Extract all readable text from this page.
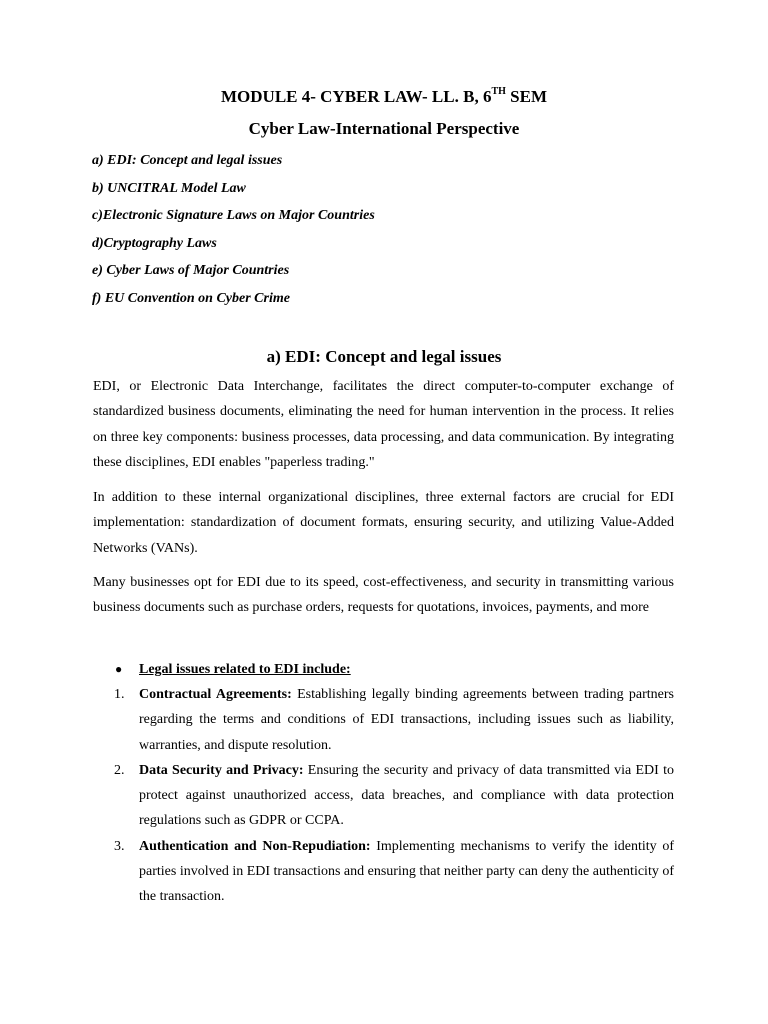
MODULE 4- CYBER LAW- LL. B, 6TH SEM
Cyber Law-International Perspective
a) EDI: Concept and legal issues
b) UNCITRAL Model Law
c)Electronic Signature Laws on Major Countries
d)Cryptography Laws
e) Cyber Laws of Major Countries
f) EU Convention on Cyber Crime
a) EDI: Concept and legal issues

EDI, or Electronic Data Interchange, facilitates the direct computer-to-computer exchange of standardized business documents, eliminating the need for human intervention in the process. It relies on three key components: business processes, data processing, and data communication. By integrating these disciplines, EDI enables "paperless trading."

In addition to these internal organizational disciplines, three external factors are crucial for EDI implementation: standardization of document formats, ensuring security, and utilizing Value-Added Networks (VANs).

Many businesses opt for EDI due to its speed, cost-effectiveness, and security in transmitting various business documents such as purchase orders, requests for quotations, invoices, payments, and more

● Legal issues related to EDI include:
1. Contractual Agreements: Establishing legally binding agreements between trading partners regarding the terms and conditions of EDI transactions, including issues such as liability, warranties, and dispute resolution.
2. Data Security and Privacy: Ensuring the security and privacy of data transmitted via EDI to protect against unauthorized access, data breaches, and compliance with data protection regulations such as GDPR or CCPA.
3. Authentication and Non-Repudiation: Implementing mechanisms to verify the identity of parties involved in EDI transactions and ensuring that neither party can deny the authenticity of the transaction.
